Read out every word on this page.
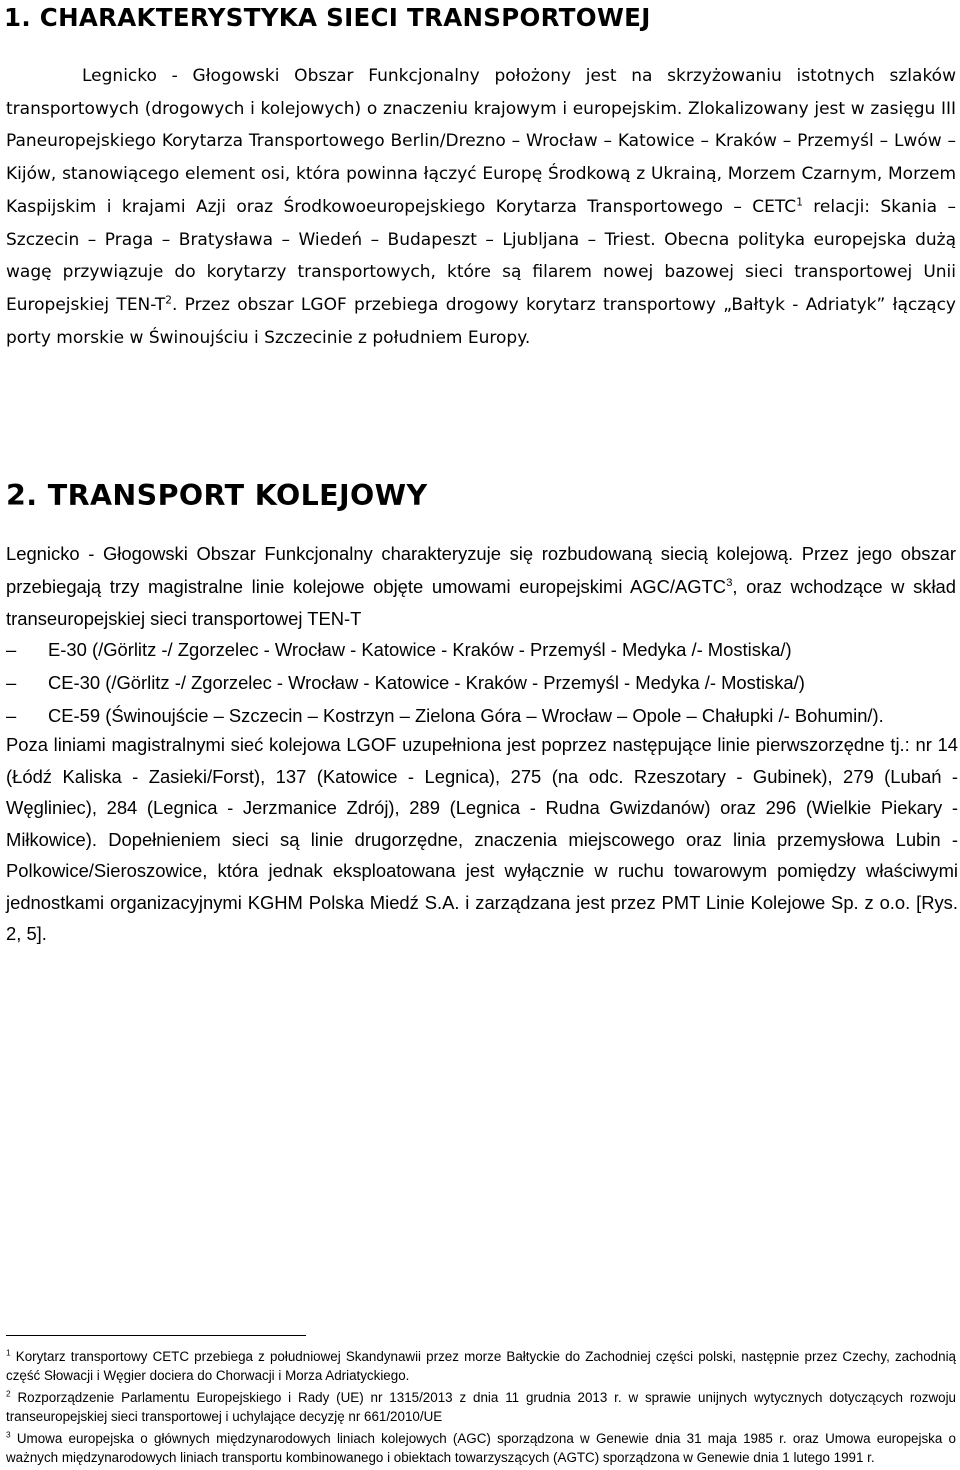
1. CHARAKTERYSTYKA SIECI TRANSPORTOWEJ

Legnicko - Głogowski Obszar Funkcjonalny położony jest na skrzyżowaniu istotnych szlaków transportowych (drogowych i kolejowych) o znaczeniu krajowym i europejskim. Zlokalizowany jest w zasięgu III Paneuropejskiego Korytarza Transportowego Berlin/Drezno – Wrocław – Katowice – Kraków – Przemyśl – Lwów – Kijów, stanowiącego element osi, która powinna łączyć Europę Środkową z Ukrainą, Morzem Czarnym, Morzem Kaspijskim i krajami Azji oraz Środkowoeuropejskiego Korytarza Transportowego – CETC$^1$ relacji: Skania – Szczecin – Praga – Bratysława – Wiedeń – Budapeszt – Ljubljana – Triest. Obecna polityka europejska dużą wagę przywiązuje do korytarzy transportowych, które są filarem nowej bazowej sieci transportowej Unii Europejskiej TEN-$T^2$. Przez obszar LGOF przebiega drogowy korytarz transportowy „Bałtyk - Adriatyk” łączący porty morskie w Świnoujściu i Szczecinie z południem Europy.

2. TRANSPORT KOLEJOWY

Legnicko - Głogowski Obszar Funkcjonalny charakteryzuje się rozbudowaną siecią kolejową. Przez jego obszar przebiegają trzy magistralne linie kolejowe objęte umowami europejskimi AGC/AGTC$^3$, oraz wchodzące w skład transeuropejskiej sieci transportowej TEN-T

–	E-30 (/Görlitz -/ Zgorzelec - Wrocław - Katowice - Kraków - Przemyśl - Medyka /- Mostiska/)
–	CE-30 (/Görlitz -/ Zgorzelec - Wrocław - Katowice - Kraków - Przemyśl - Medyka /- Mostiska/)
–	CE-59 (Świnoujście – Szczecin – Kostrzyn – Zielona Góra – Wrocław – Opole – Chałupki /- Bohumin/).

Poza liniami magistralnymi sieć kolejowa LGOF uzupełniona jest poprzez następujące linie pierwszorzędne tj.: nr 14 (Łódź Kaliska - Zasieki/Forst), 137 (Katowice - Legnica), 275 (na odc. Rzeszotary - Gubinek), 279 (Lubań - Węgliniec), 284 (Legnica - Jerzmanice Zdrój), 289 (Legnica - Rudna Gwizdanów) oraz 296 (Wielkie Piekary - Miłkowice). Dopełnieniem sieci są linie drugorzędne, znaczenia miejscowego oraz linia przemysłowa Lubin - Polkowice/Sieroszowice, która jednak eksploatowana jest wyłącznie w ruchu towarowym pomiędzy właściwymi jednostkami organizacyjnymi KGHM Polska Miedź S.A. i zarządzana jest przez PMT Linie Kolejowe Sp. z o.o. [Rys. 2, 5].

$^1$ Korytarz transportowy CETC przebiega z południowej Skandynawii przez morze Bałtyckie do Zachodniej części polski, następnie przez Czechy, zachodnią część Słowacji i Węgier dociera do Chorwacji i Morza Adriatyckiego.

$^2$ Rozporządzenie Parlamentu Europejskiego i Rady (UE) nr 1315/2013 z dnia 11 grudnia 2013 r. w sprawie unijnych wytycznych dotyczących rozwoju transeuropejskiej sieci transportowej i uchylające decyzję nr 661/2010/UE

$^3$ Umowa europejska o głównych międzynarodowych liniach kolejowych (AGC) sporządzona w Genewie dnia 31 maja 1985 r. oraz Umowa europejska o ważnych międzynarodowych liniach transportu kombinowanego i obiektach towarzyszących (AGTC) sporządzona w Genewie dnia 1 lutego 1991 r.
